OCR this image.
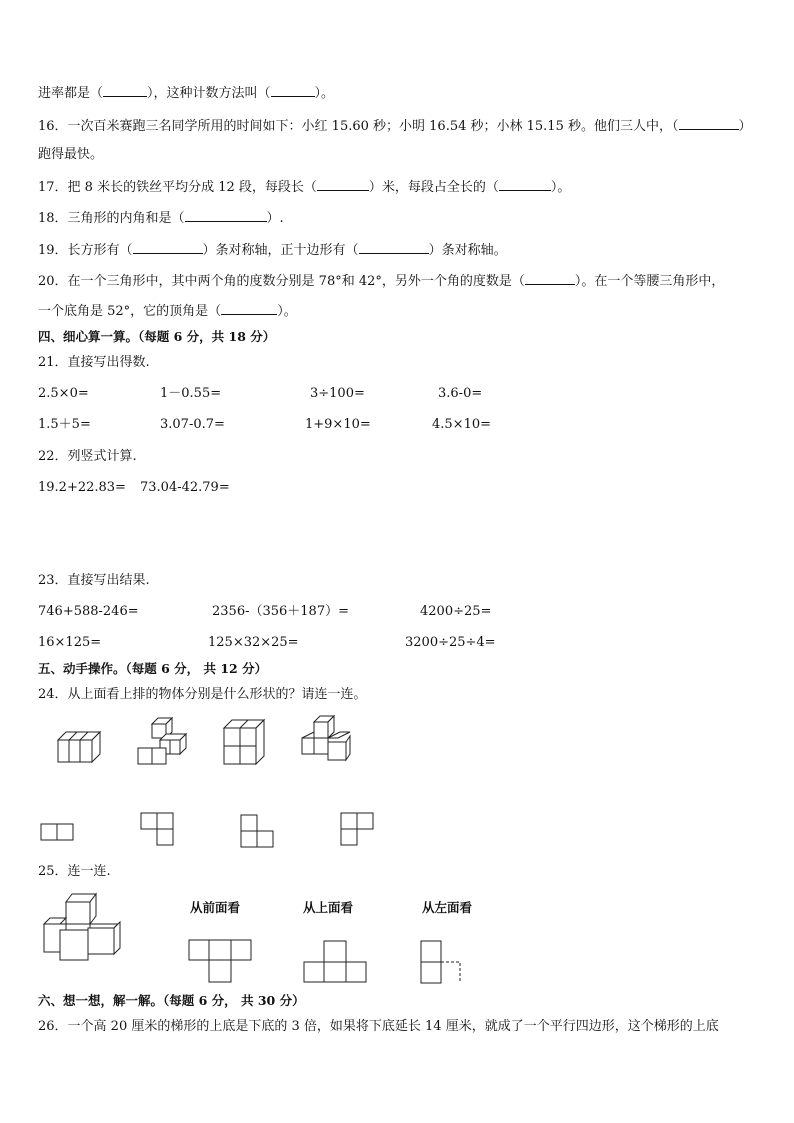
进率都是（	），这种计数方法叫（	）。
16．一次百米赛跑三名同学所用的时间如下：小红 15.60 秒；小明 16.54 秒；小林 15.15 秒。他们三人中，（	）
跑得最快。
17．把 8 米长的铁丝平均分成 12 段，每段长（	）米，每段占全长的（	）。
18．三角形的内角和是（	）.
19．长方形有（	）条对称轴，正十边形有（	）条对称轴。
20．在一个三角形中，其中两个角的度数分别是 78°和 42°，另外一个角的度数是（	）。在一个等腰三角形中，
一个底角是 52°，它的顶角是（	）。
四、细心算一算。（每题 6 分，共 18 分）
21．直接写出得数.
2.5×0=	1－0.55=	3÷100=	3.6-0=
1.5＋5=	3.07-0.7=	1+9×10=	4.5×10=
22．列竖式计算.
19.2+22.83= 73.04-42.79=
23．直接写出结果.
746+588-246=	2356-（356＋187）=	4200÷25=
16×125=	125×32×25=	3200÷25÷4=
五、动手操作。（每题 6 分， 共 12 分）
24．从上面看上排的物体分别是什么形状的？请连一连。
25．连一连.
从前面看	从上面看	从左面看
六、想一想，解一解。（每题 6 分， 共 30 分）
26．一个高 20 厘米的梯形的上底是下底的 3 倍，如果将下底延长 14 厘米，就成了一个平行四边形，这个梯形的上底
